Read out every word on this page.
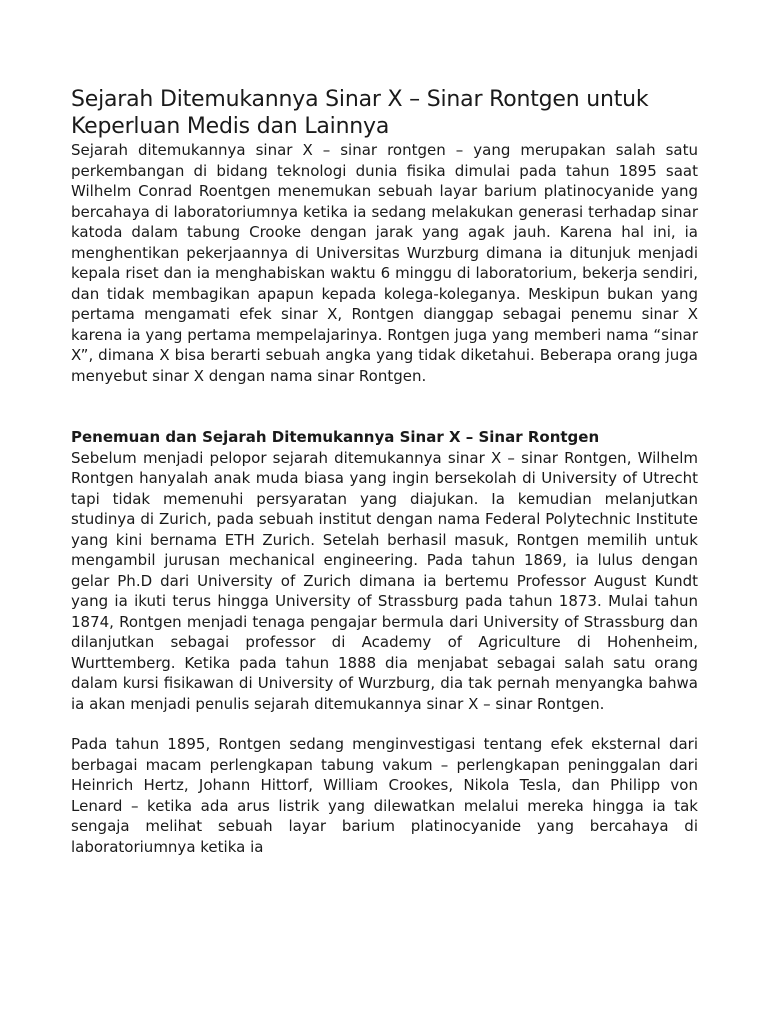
Sejarah Ditemukannya Sinar X – Sinar Rontgen untuk Keperluan Medis dan Lainnya

Sejarah ditemukannya sinar X – sinar rontgen – yang merupakan salah satu perkembangan di bidang teknologi dunia fisika dimulai pada tahun 1895 saat Wilhelm Conrad Roentgen menemukan sebuah layar barium platinocyanide yang bercahaya di laboratoriumnya ketika ia sedang melakukan generasi terhadap sinar katoda dalam tabung Crooke dengan jarak yang agak jauh. Karena hal ini, ia menghentikan pekerjaannya di Universitas Wurzburg dimana ia ditunjuk menjadi kepala riset dan ia menghabiskan waktu 6 minggu di laboratorium, bekerja sendiri, dan tidak membagikan apapun kepada kolega-koleganya. Meskipun bukan yang pertama mengamati efek sinar X, Rontgen dianggap sebagai penemu sinar X karena ia yang pertama mempelajarinya. Rontgen juga yang memberi nama “sinar X”, dimana X bisa berarti sebuah angka yang tidak diketahui. Beberapa orang juga menyebut sinar X dengan nama sinar Rontgen.

Penemuan dan Sejarah Ditemukannya Sinar X – Sinar Rontgen

Sebelum menjadi pelopor sejarah ditemukannya sinar X – sinar Rontgen, Wilhelm Rontgen hanyalah anak muda biasa yang ingin bersekolah di University of Utrecht tapi tidak memenuhi persyaratan yang diajukan. Ia kemudian melanjutkan studinya di Zurich, pada sebuah institut dengan nama Federal Polytechnic Institute yang kini bernama ETH Zurich. Setelah berhasil masuk, Rontgen memilih untuk mengambil jurusan mechanical engineering. Pada tahun 1869, ia lulus dengan gelar Ph.D dari University of Zurich dimana ia bertemu Professor August Kundt yang ia ikuti terus hingga University of Strassburg pada tahun 1873. Mulai tahun 1874, Rontgen menjadi tenaga pengajar bermula dari University of Strassburg dan dilanjutkan sebagai professor di Academy of Agriculture di Hohenheim, Wurttemberg. Ketika pada tahun 1888 dia menjabat sebagai salah satu orang dalam kursi fisikawan di University of Wurzburg, dia tak pernah menyangka bahwa ia akan menjadi penulis sejarah ditemukannya sinar X – sinar Rontgen.

Pada tahun 1895, Rontgen sedang menginvestigasi tentang efek eksternal dari berbagai macam perlengkapan tabung vakum – perlengkapan peninggalan dari Heinrich Hertz, Johann Hittorf, William Crookes, Nikola Tesla, dan Philipp von Lenard – ketika ada arus listrik yang dilewatkan melalui mereka hingga ia tak sengaja melihat sebuah layar barium platinocyanide yang bercahaya di laboratoriumnya ketika ia
